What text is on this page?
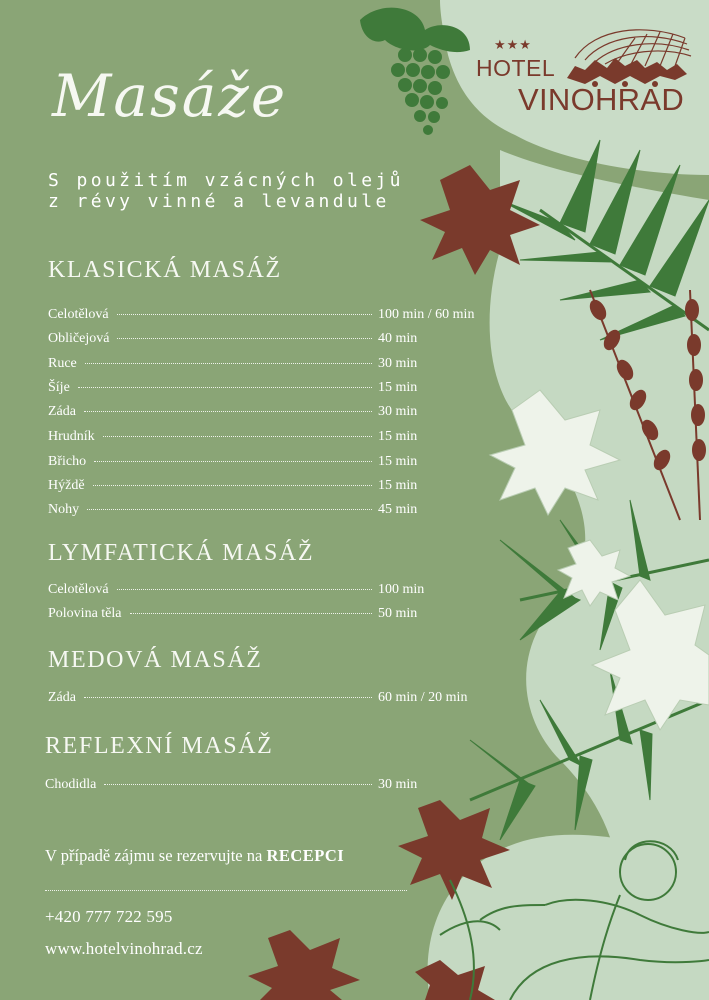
★★★
HOTEL
VINOHRAD
Masáže

S použitím vzácných olejů

z révy vinné a levandule

KLASICKÁ MASÁŽ
Celotělová	100 min / 60 min
Obličejová	40 min
Ruce	30 min
Šíje	15 min
Záda	30 min
Hrudník	15 min
Břicho	15 min
Hýždě	15 min
Nohy	45 min
LYMFATICKÁ MASÁŽ
Celotělová	100 min
Polovina těla	50 min
MEDOVÁ MASÁŽ
Záda	60 min / 20 min
REFLEXNÍ MASÁŽ
Chodidla	30 min
V případě zájmu se rezervujte na RECEPCI
+420 777 722 595
www.hotelvinohrad.cz
